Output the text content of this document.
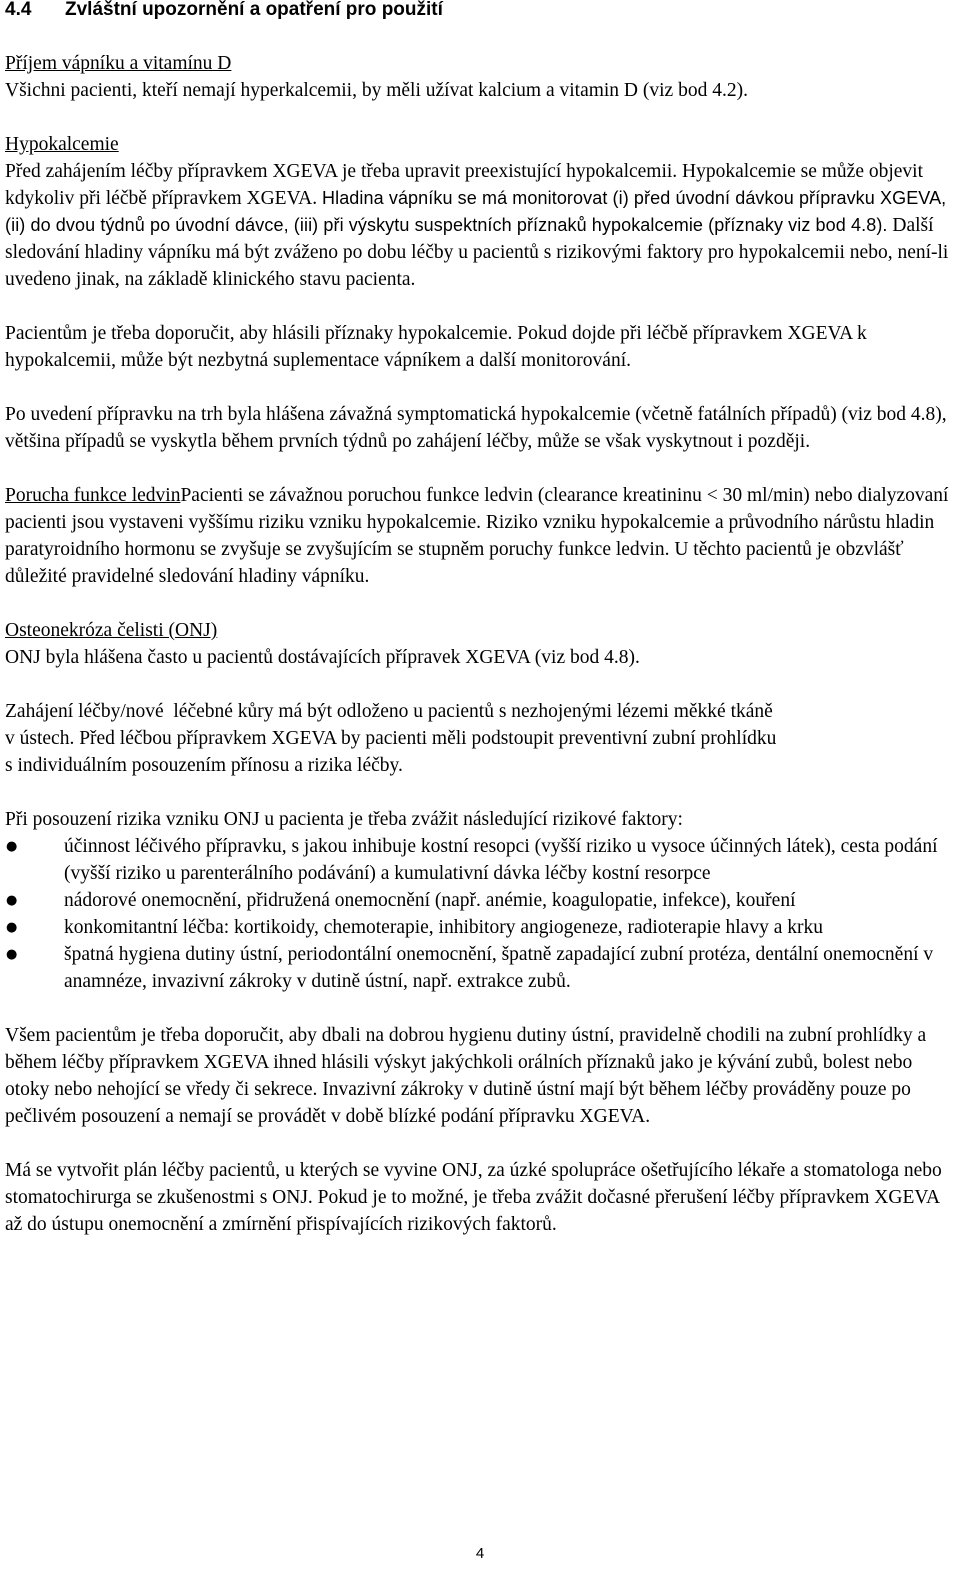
4.4 Zvláštní upozornění a opatření pro použití

Příjem vápníku a vitamínu D

Všichni pacienti, kteří nemají hyperkalcemii, by měli užívat kalcium a vitamin D (viz bod 4.2).

Hypokalcemie

Před zahájením léčby přípravkem XGEVA je třeba upravit preexistující hypokalcemii. Hypokalcemie se může objevit kdykoliv při léčbě přípravkem XGEVA. Hladina vápníku se má monitorovat (i) před úvodní dávkou přípravku XGEVA, (ii) do dvou týdnů po úvodní dávce, (iii) při výskytu suspektních příznaků hypokalcemie (příznaky viz bod 4.8). Další sledování hladiny vápníku má být zváženo po dobu léčby u pacientů s rizikovými faktory pro hypokalcemii nebo, není-li uvedeno jinak, na základě klinického stavu pacienta.

Pacientům je třeba doporučit, aby hlásili příznaky hypokalcemie. Pokud dojde při léčbě přípravkem XGEVA k hypokalcemii, může být nezbytná suplementace vápníkem a další monitorování.

Po uvedení přípravku na trh byla hlášena závažná symptomatická hypokalcemie (včetně fatálních případů) (viz bod 4.8), většina případů se vyskytla během prvních týdnů po zahájení léčby, může se však vyskytnout i později.

Porucha funkce ledvinPacienti se závažnou poruchou funkce ledvin (clearance kreatininu < 30 ml/min) nebo dialyzovaní pacienti jsou vystaveni vyššímu riziku vzniku hypokalcemie. Riziko vzniku hypokalcemie a průvodního nárůstu hladin paratyroidního hormonu se zvyšuje se zvyšujícím se stupněm poruchy funkce ledvin. U těchto pacientů je obzvlášť důležité pravidelné sledování hladiny vápníku.

Osteonekróza čelisti (ONJ)

ONJ byla hlášena často u pacientů dostávajících přípravek XGEVA (viz bod 4.8).

Zahájení léčby/nové  léčebné kůry má být odloženo u pacientů s nezhojenými lézemi měkké tkáně

v ústech. Před léčbou přípravkem XGEVA by pacienti měli podstoupit preventivní zubní prohlídku

s individuálním posouzením přínosu a rizika léčby.

Při posouzení rizika vzniku ONJ u pacienta je třeba zvážit následující rizikové faktory:

● účinnost léčivého přípravku, s jakou inhibuje kostní resopci (vyšší riziko u vysoce účinných látek), cesta podání (vyšší riziko u parenterálního podávání) a kumulativní dávka léčby kostní resorpce
● nádorové onemocnění, přidružená onemocnění (např. anémie, koagulopatie, infekce), kouření
● konkomitantní léčba: kortikoidy, chemoterapie, inhibitory angiogeneze, radioterapie hlavy a krku
● špatná hygiena dutiny ústní, periodontální onemocnění, špatně zapadající zubní protéza, dentální onemocnění v anamnéze, invazivní zákroky v dutině ústní, např. extrakce zubů.

Všem pacientům je třeba doporučit, aby dbali na dobrou hygienu dutiny ústní, pravidelně chodili na zubní prohlídky a během léčby přípravkem XGEVA ihned hlásili výskyt jakýchkoli orálních příznaků jako je kývání zubů, bolest nebo otoky nebo nehojící se vředy či sekrece. Invazivní zákroky v dutině ústní mají být během léčby prováděny pouze po pečlivém posouzení a nemají se provádět v době blízké podání přípravku XGEVA.

Má se vytvořit plán léčby pacientů, u kterých se vyvine ONJ, za úzké spolupráce ošetřujícího lékaře a stomatologa nebo stomatochirurga se zkušenostmi s ONJ. Pokud je to možné, je třeba zvážit dočasné přerušení léčby přípravkem XGEVA až do ústupu onemocnění a zmírnění přispívajících rizikových faktorů.

4
